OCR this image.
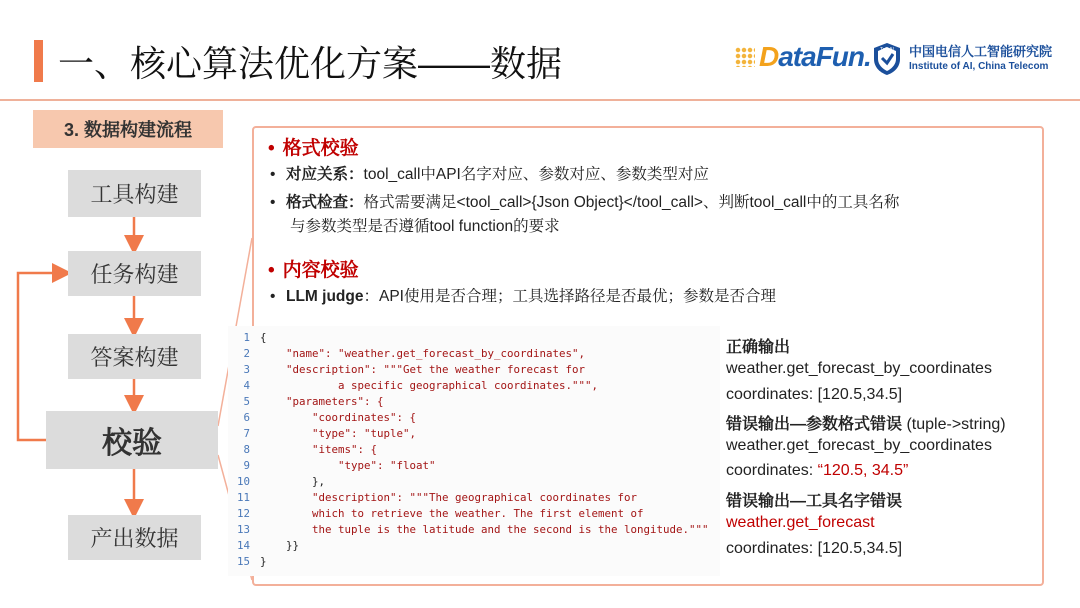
一、核心算法优化方案——数据	DataFun. TeleAI 中国电信人工智能研究院
Institute of AI, China Telecom
3. 数据构建流程
工具构建
任务构建
答案构建
校验
产出数据
• 格式校验
• 对应关系：tool_call中API名字对应、参数对应、参数类型对应
• 格式检查：格式需要满足<tool_call>{Json Object}</tool_call>、判断tool_call中的工具名称
与参数类型是否遵循tool function的要求
• 内容校验
• LLM judge：API使用是否合理；工具选择路径是否最优；参数是否合理
1 {
2    "name": "weather.get_forecast_by_coordinates",
3    "description": """Get the weather forecast for
4            a specific geographical coordinates.""",
5    "parameters": {
6        "coordinates": {
7        "type": "tuple",
8        "items": {
9            "type": "float"
10        },
11        "description": """The geographical coordinates for
12        which to retrieve the weather. The first element of
13        the tuple is the latitude and the second is the longitude."""
14    }}
15 }
正确输出
weather.get_forecast_by_coordinates
coordinates: [120.5,34.5]
错误输出—参数格式错误 (tuple->string)
weather.get_forecast_by_coordinates
coordinates: “120.5, 34.5”
错误输出—工具名字错误
weather.get_forecast
coordinates: [120.5,34.5]
